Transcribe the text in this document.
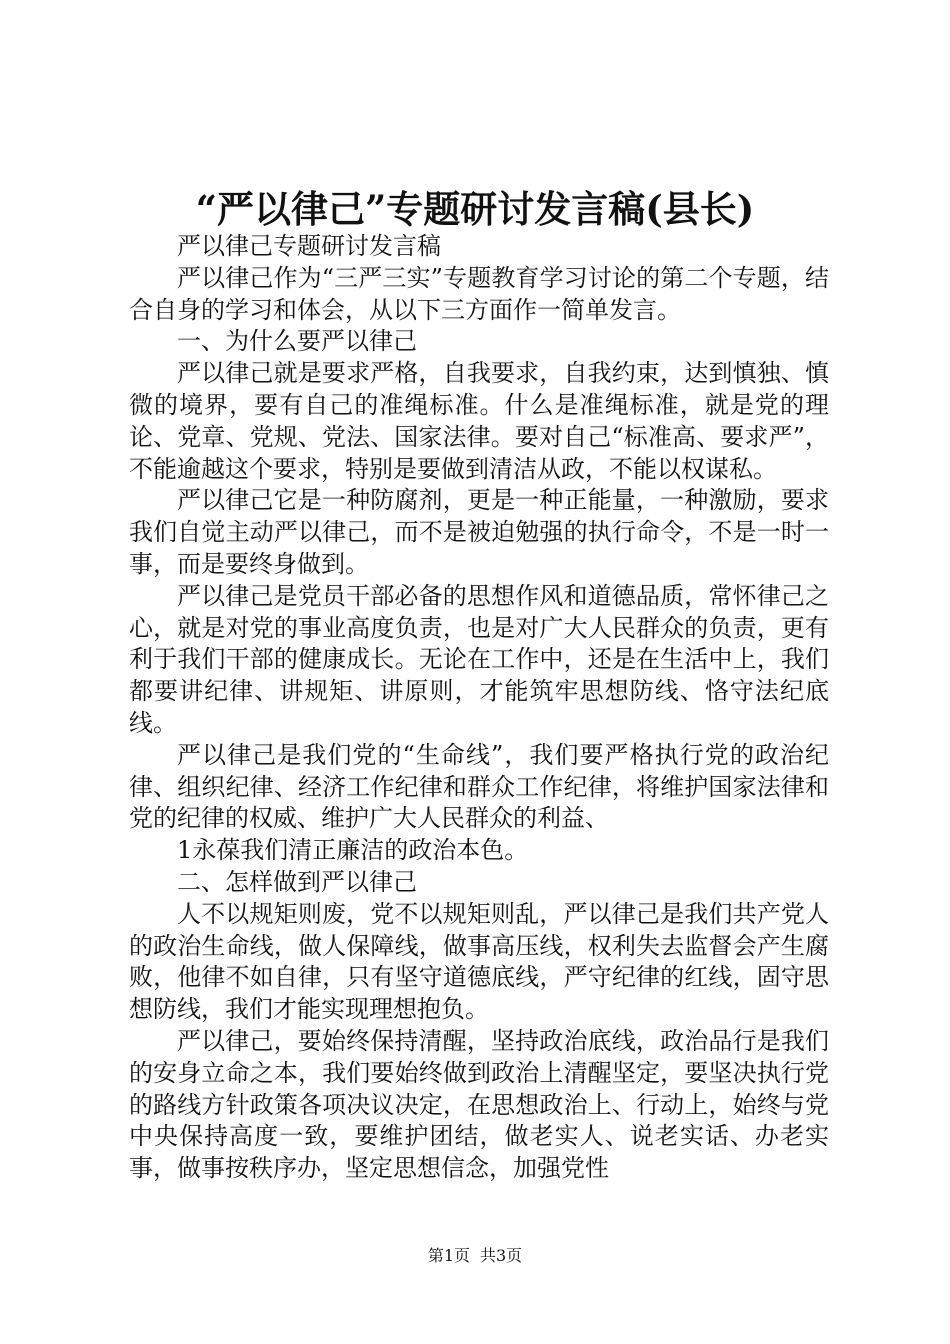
“严以律己”专题研讨发言稿(县长)

严以律己专题研讨发言稿

严以律己作为“三严三实”专题教育学习讨论的第二个专题，结合自身的学习和体会，从以下三方面作一简单发言。

一、为什么要严以律己

严以律己就是要求严格，自我要求，自我约束，达到慎独、慎微的境界，要有自己的准绳标准。什么是准绳标准，就是党的理论、党章、党规、党法、国家法律。要对自己“标准高、要求严”，不能逾越这个要求，特别是要做到清洁从政，不能以权谋私。

严以律己它是一种防腐剂，更是一种正能量，一种激励，要求我们自觉主动严以律己，而不是被迫勉强的执行命令，不是一时一事，而是要终身做到。

严以律己是党员干部必备的思想作风和道德品质，常怀律己之心，就是对党的事业高度负责，也是对广大人民群众的负责，更有利于我们干部的健康成长。无论在工作中，还是在生活中上，我们都要讲纪律、讲规矩、讲原则，才能筑牢思想防线、恪守法纪底线。

严以律己是我们党的“生命线”，我们要严格执行党的政治纪律、组织纪律、经济工作纪律和群众工作纪律，将维护国家法律和党的纪律的权威、维护广大人民群众的利益、

1永葆我们清正廉洁的政治本色。

二、怎样做到严以律己

人不以规矩则废，党不以规矩则乱，严以律己是我们共产党人的政治生命线，做人保障线，做事高压线，权利失去监督会产生腐败，他律不如自律，只有坚守道德底线，严守纪律的红线，固守思想防线，我们才能实现理想抱负。

严以律己，要始终保持清醒，坚持政治底线，政治品行是我们的安身立命之本，我们要始终做到政治上清醒坚定，要坚决执行党的路线方针政策各项决议决定，在思想政治上、行动上，始终与党中央保持高度一致，要维护团结，做老实人、说老实话、办老实事，做事按秩序办，坚定思想信念，加强党性

第1页 共3页
